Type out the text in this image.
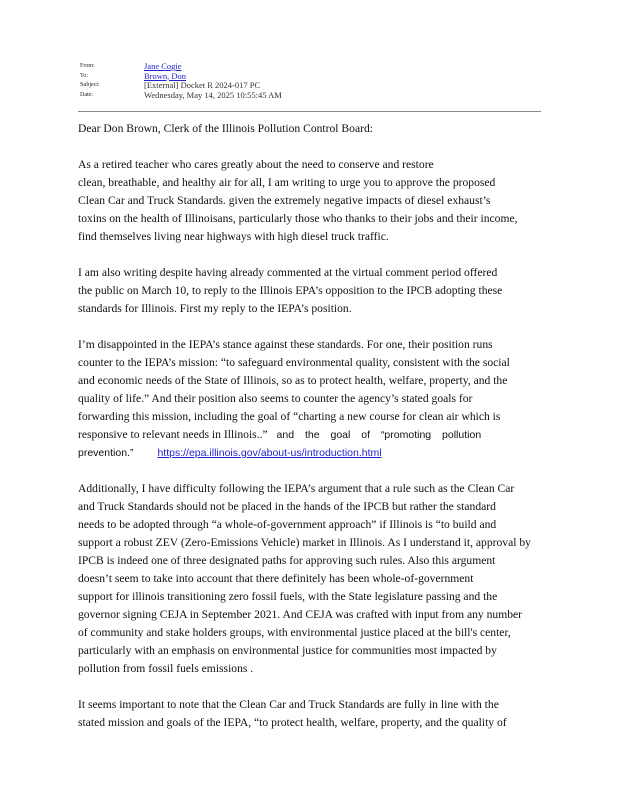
From:	Jane Cogie
To:	Brown, Don
Subject:	[External] Docket R 2024-017 PC
Date:	Wednesday, May 14, 2025 10:55:45 AM
Dear Don Brown, Clerk of the Illinois Pollution Control Board:
As a retired teacher who cares greatly about the need to conserve and restore
clean, breathable, and healthy air for all, I am writing to urge you to approve the proposed
Clean Car and Truck Standards. given the extremely negative impacts of diesel exhaust’s
toxins on the health of Illinoisans, particularly those who thanks to their jobs and their income,
find themselves living near highways with high diesel truck traffic.
I am also writing despite having already commented at the virtual comment period offered
the public on March 10, to reply to the Illinois EPA’s opposition to the IPCB adopting these
standards for Illinois. First my reply to the IEPA’s position.
I’m disappointed in the IEPA’s stance against these standards. For one, their position runs
counter to the IEPA’s mission: “to safeguard environmental quality, consistent with the social
and economic needs of the State of Illinois, so as to protect health, welfare, property, and the
quality of life.” And their position also seems to counter the agency’s stated goals for
forwarding this mission, including the goal of “charting a new course for clean air which is
responsive to relevant needs in Illinois..” and the goal of “promoting pollution
prevention.” https://epa.illinois.gov/about-us/introduction.html
Additionally, I have difficulty following the IEPA’s argument that a rule such as the Clean Car
and Truck Standards should not be placed in the hands of the IPCB but rather the standard
needs to be adopted through “a whole-of-government approach” if Illinois is “to build and
support a robust ZEV (Zero-Emissions Vehicle) market in Illinois. As I understand it, approval by
IPCB is indeed one of three designated paths for approving such rules. Also this argument
doesn’t seem to take into account that there definitely has been whole-of-government
support for illinois transitioning zero fossil fuels, with the State legislature passing and the
governor signing CEJA in September 2021. And CEJA was crafted with input from any number
of community and stake holders groups, with environmental justice placed at the bill's center,
particularly with an emphasis on environmental justice for communities most impacted by
pollution from fossil fuels emissions .
It seems important to note that the Clean Car and Truck Standards are fully in line with the
stated mission and goals of the IEPA, “to protect health, welfare, property, and the quality of
